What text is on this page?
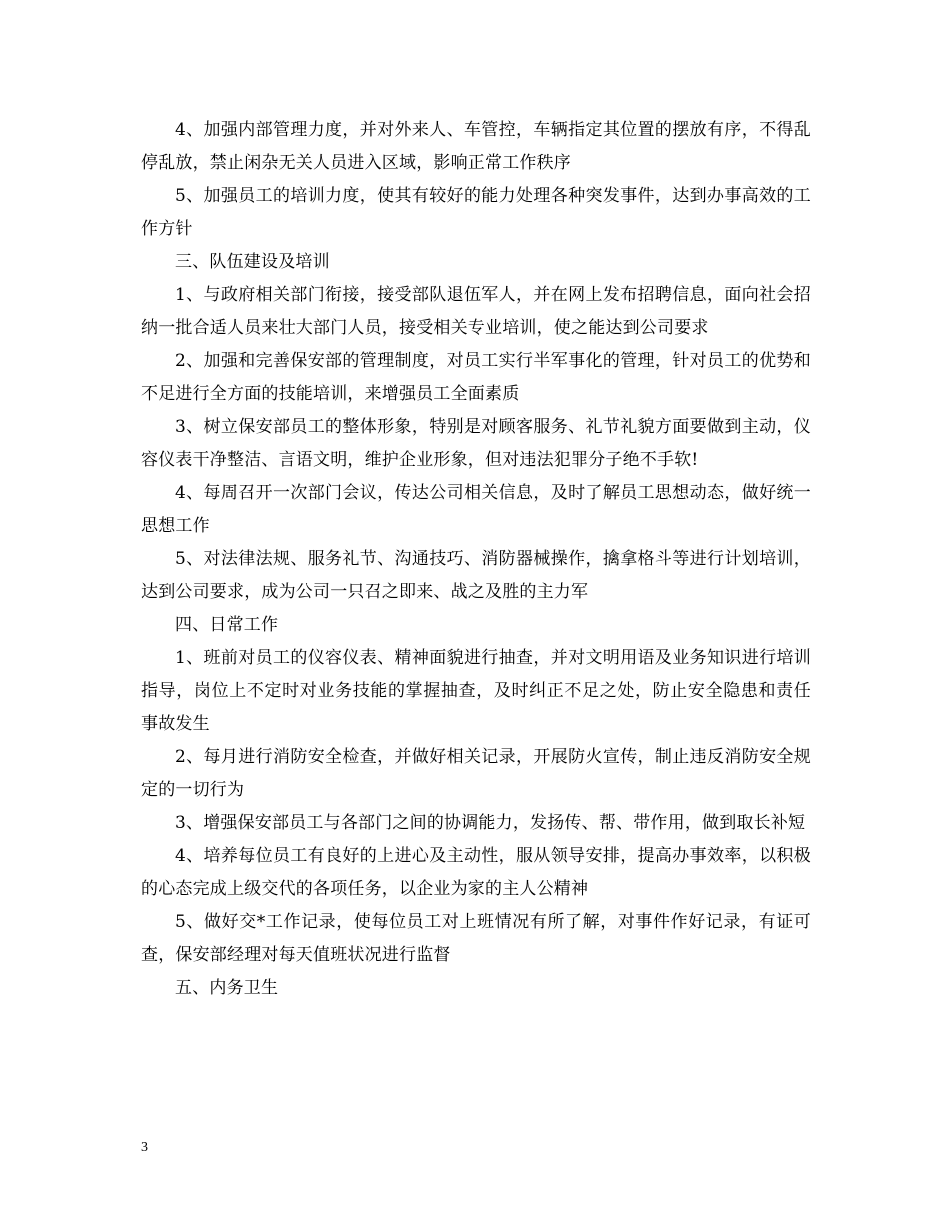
4、加强内部管理力度，并对外来人、车管控，车辆指定其位置的摆放有序，不得乱停乱放，禁止闲杂无关人员进入区域，影响正常工作秩序

5、加强员工的培训力度，使其有较好的能力处理各种突发事件，达到办事高效的工作方针

三、队伍建设及培训

1、与政府相关部门衔接，接受部队退伍军人，并在网上发布招聘信息，面向社会招纳一批合适人员来壮大部门人员，接受相关专业培训，使之能达到公司要求

2、加强和完善保安部的管理制度，对员工实行半军事化的管理，针对员工的优势和不足进行全方面的技能培训，来增强员工全面素质

3、树立保安部员工的整体形象，特别是对顾客服务、礼节礼貌方面要做到主动，仪容仪表干净整洁、言语文明，维护企业形象，但对违法犯罪分子绝不手软!

4、每周召开一次部门会议，传达公司相关信息，及时了解员工思想动态，做好统一思想工作

5、对法律法规、服务礼节、沟通技巧、消防器械操作，擒拿格斗等进行计划培训，达到公司要求，成为公司一只召之即来、战之及胜的主力军

四、日常工作

1、班前对员工的仪容仪表、精神面貌进行抽查，并对文明用语及业务知识进行培训指导，岗位上不定时对业务技能的掌握抽查，及时纠正不足之处，防止安全隐患和责任事故发生

2、每月进行消防安全检查，并做好相关记录，开展防火宣传，制止违反消防安全规定的一切行为

3、增强保安部员工与各部门之间的协调能力，发扬传、帮、带作用，做到取长补短

4、培养每位员工有良好的上进心及主动性，服从领导安排，提高办事效率，以积极的心态完成上级交代的各项任务，以企业为家的主人公精神

5、做好交*工作记录，使每位员工对上班情况有所了解，对事件作好记录，有证可查，保安部经理对每天值班状况进行监督

五、内务卫生

3
